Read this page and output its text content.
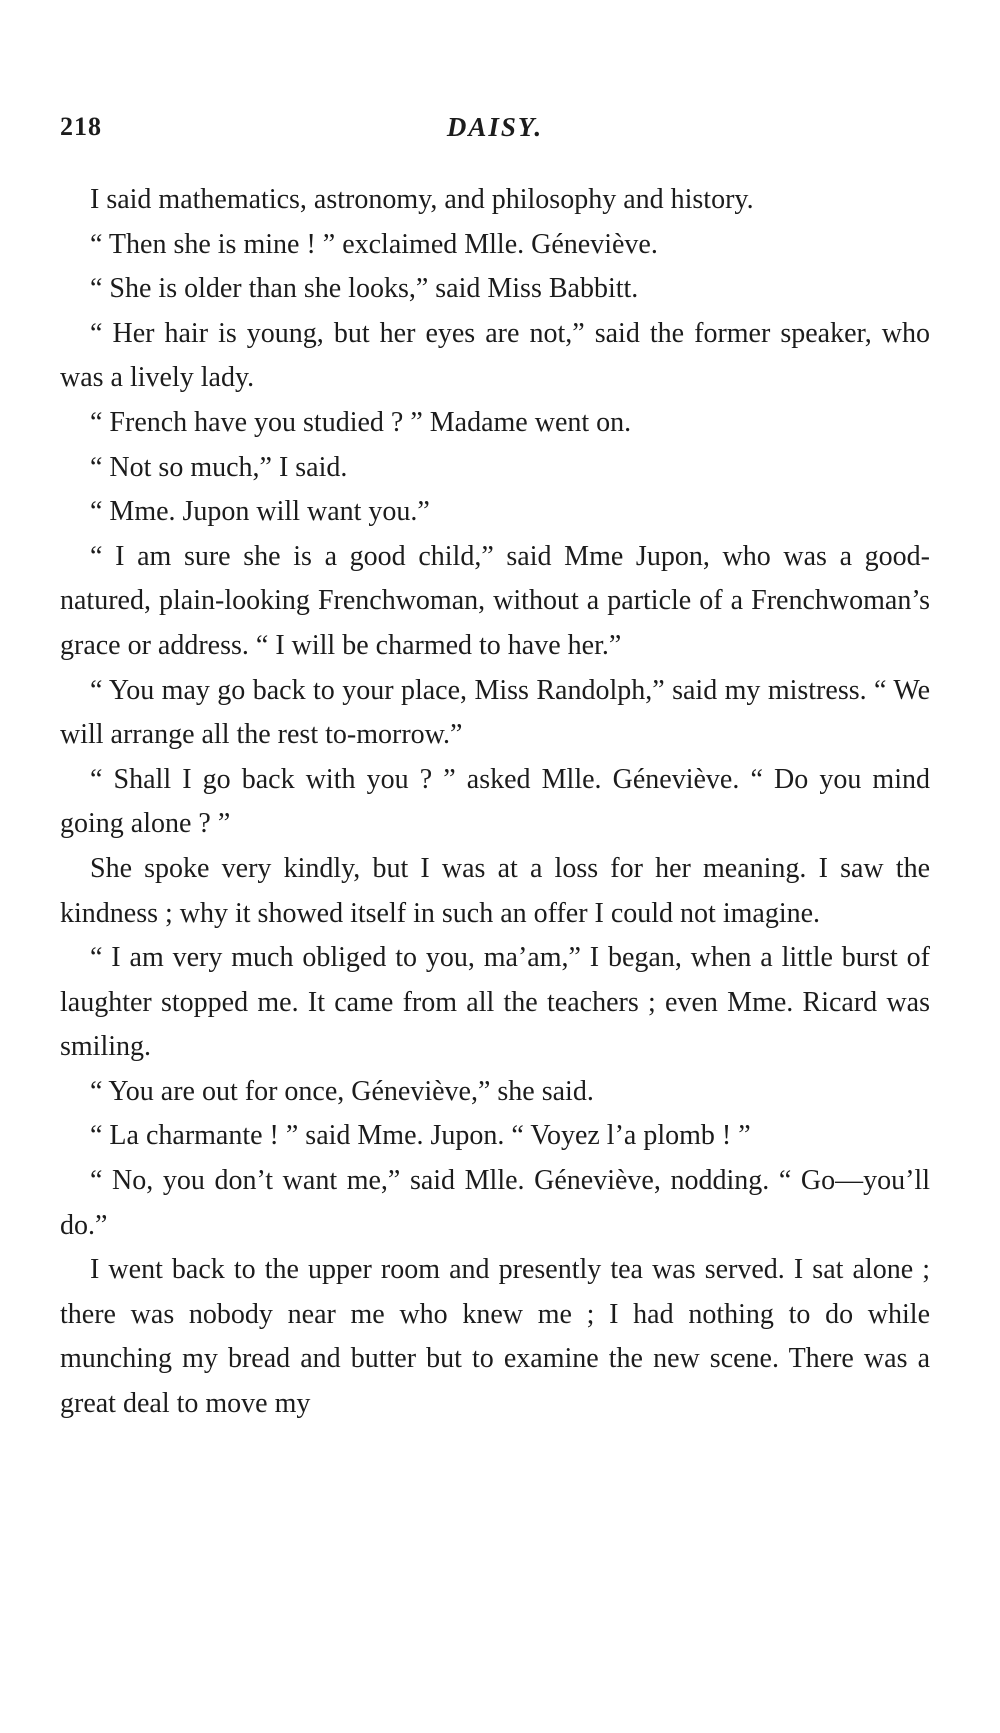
218	DAISY.

I said mathematics, astronomy, and philosophy and history.

“ Then she is mine ! ” exclaimed Mlle. Géneviève.

“ She is older than she looks,” said Miss Babbitt.

“ Her hair is young, but her eyes are not,” said the former speaker, who was a lively lady.

“ French have you studied ? ” Madame went on.

“ Not so much,” I said.

“ Mme. Jupon will want you.”

“ I am sure she is a good child,” said Mme Jupon, who was a good-natured, plain-looking Frenchwoman, without a particle of a Frenchwoman’s grace or address. “ I will be charmed to have her.”

“ You may go back to your place, Miss Randolph,” said my mistress. “ We will arrange all the rest to-morrow.”

“ Shall I go back with you ? ” asked Mlle. Géneviève. “ Do you mind going alone ? ”

She spoke very kindly, but I was at a loss for her meaning. I saw the kindness ; why it showed itself in such an offer I could not imagine.

“ I am very much obliged to you, ma’am,” I began, when a little burst of laughter stopped me. It came from all the teachers ; even Mme. Ricard was smiling.

“ You are out for once, Géneviève,” she said.

“ La charmante ! ” said Mme. Jupon. “ Voyez l’a plomb ! ”

“ No, you don’t want me,” said Mlle. Géneviève, nodding. “ Go—you’ll do.”

I went back to the upper room and presently tea was served. I sat alone ; there was nobody near me who knew me ; I had nothing to do while munching my bread and butter but to examine the new scene. There was a great deal to move my
